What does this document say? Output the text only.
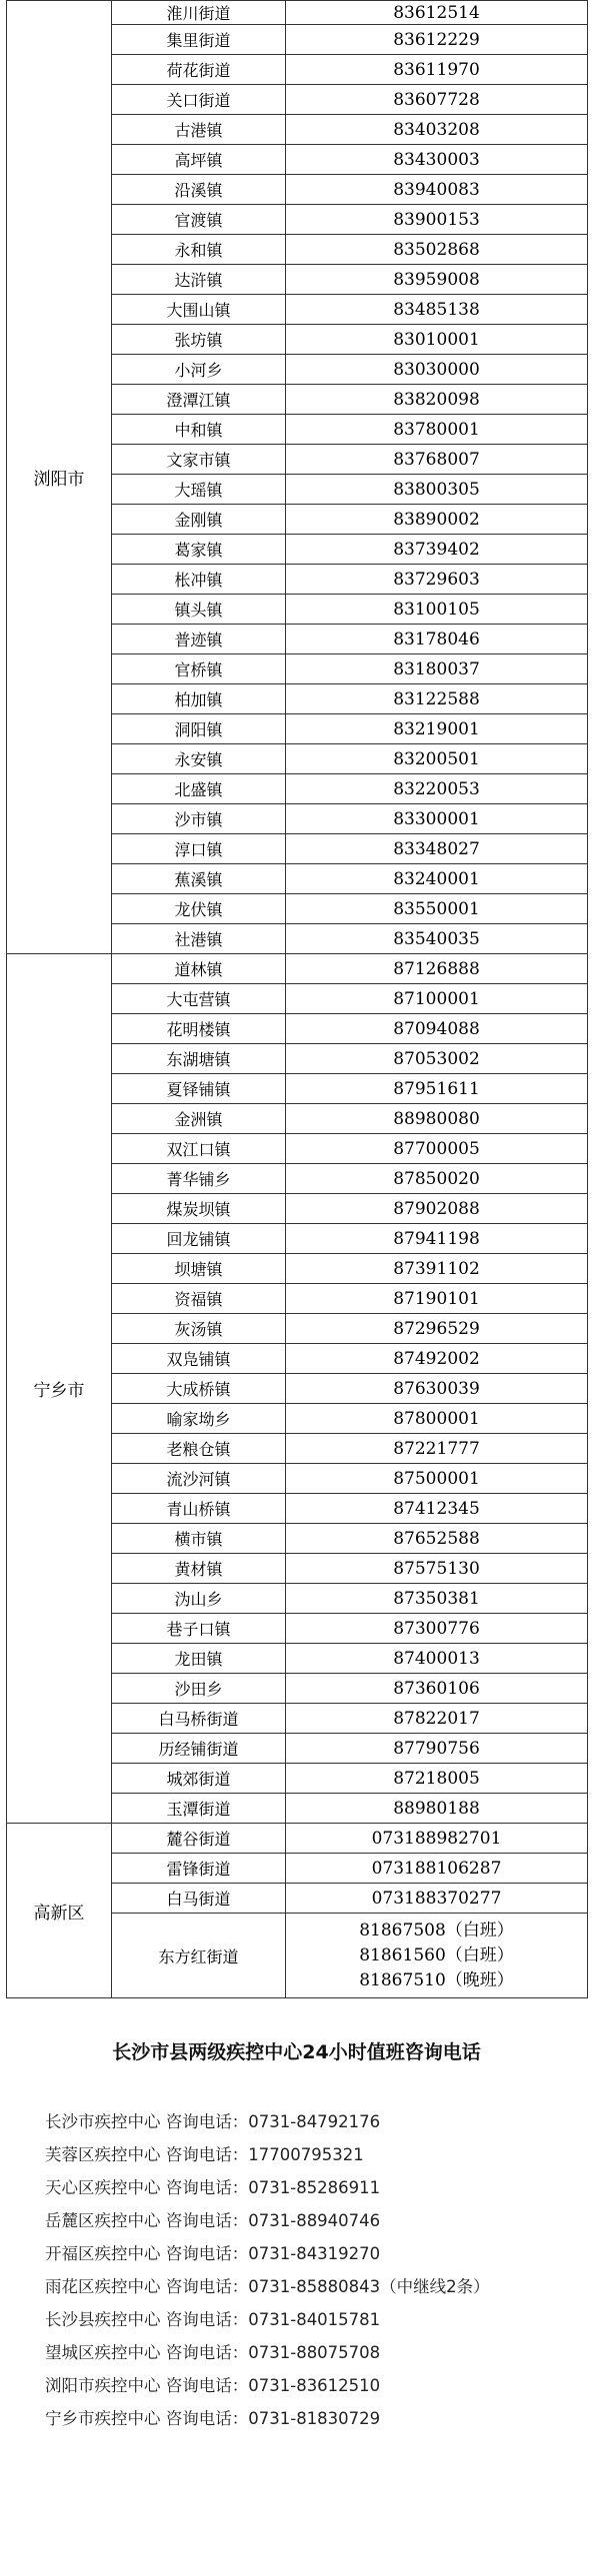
浏阳市	淮川街道	83612514
	集里街道	83612229
	荷花街道	83611970
	关口街道	83607728
	古港镇	83403208
	高坪镇	83430003
	沿溪镇	83940083
	官渡镇	83900153
	永和镇	83502868
	达浒镇	83959008
	大围山镇	83485138
	张坊镇	83010001
	小河乡	83030000
	澄潭江镇	83820098
	中和镇	83780001
	文家市镇	83768007
	大瑶镇	83800305
	金刚镇	83890002
	葛家镇	83739402
	枨冲镇	83729603
	镇头镇	83100105
	普迹镇	83178046
	官桥镇	83180037
	柏加镇	83122588
	洞阳镇	83219001
	永安镇	83200501
	北盛镇	83220053
	沙市镇	83300001
	淳口镇	83348027
	蕉溪镇	83240001
	龙伏镇	83550001
	社港镇	83540035
宁乡市	道林镇	87126888
	大屯营镇	87100001
	花明楼镇	87094088
	东湖塘镇	87053002
	夏铎铺镇	87951611
	金洲镇	88980080
	双江口镇	87700005
	菁华铺乡	87850020
	煤炭坝镇	87902088
	回龙铺镇	87941198
	坝塘镇	87391102
	资福镇	87190101
	灰汤镇	87296529
	双凫铺镇	87492002
	大成桥镇	87630039
	喻家坳乡	87800001
	老粮仓镇	87221777
	流沙河镇	87500001
	青山桥镇	87412345
	横市镇	87652588
	黄材镇	87575130
	沩山乡	87350381
	巷子口镇	87300776
	龙田镇	87400013
	沙田乡	87360106
	白马桥街道	87822017
	历经铺街道	87790756
	城郊街道	87218005
	玉潭街道	88980188
高新区	麓谷街道	073188982701
	雷锋街道	073188106287
	白马街道	073188370277
	东方红街道	81867508（白班）
81861560（白班）
81867510（晚班）
长沙市县两级疾控中心24小时值班咨询电话
长沙市疾控中心 咨询电话：0731-84792176
芙蓉区疾控中心 咨询电话：17700795321
天心区疾控中心 咨询电话：0731-85286911
岳麓区疾控中心 咨询电话：0731-88940746
开福区疾控中心 咨询电话：0731-84319270
雨花区疾控中心 咨询电话：0731-85880843（中继线2条）
长沙县疾控中心 咨询电话：0731-84015781
望城区疾控中心 咨询电话：0731-88075708
浏阳市疾控中心 咨询电话：0731-83612510
宁乡市疾控中心 咨询电话：0731-81830729
